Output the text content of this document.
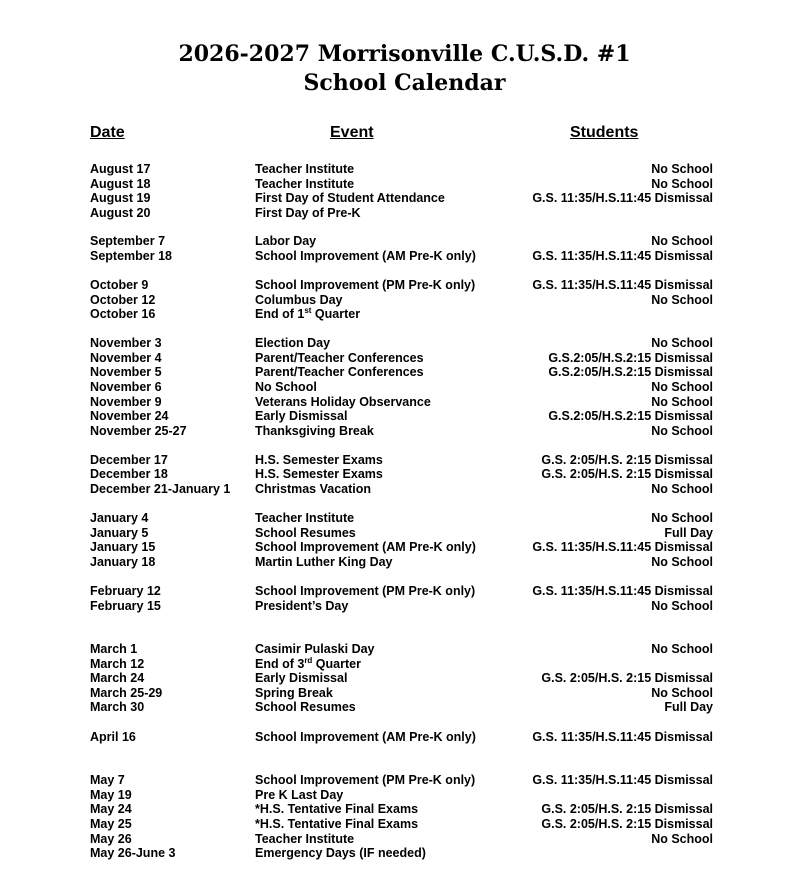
2026-2027 Morrisonville C.U.S.D. #1
School Calendar
Date	Event	Students
August 17	Teacher Institute	No School
August 18	Teacher Institute	No School
August 19	First Day of Student Attendance	G.S. 11:35/H.S.11:45 Dismissal
August 20	First Day of Pre-K
September 7	Labor Day	No School
September 18	School Improvement (AM Pre-K only)	G.S. 11:35/H.S.11:45 Dismissal
October 9	School Improvement (PM Pre-K only)	G.S. 11:35/H.S.11:45 Dismissal
October 12	Columbus Day	No School
October 16	End of 1st Quarter
November 3	Election Day	No School
November 4	Parent/Teacher Conferences	G.S.2:05/H.S.2:15 Dismissal
November 5	Parent/Teacher Conferences	G.S.2:05/H.S.2:15 Dismissal
November 6	No School	No School
November 9	Veterans Holiday Observance	No School
November 24	Early Dismissal	G.S.2:05/H.S.2:15 Dismissal
November 25-27	Thanksgiving Break	No School
December 17	H.S. Semester Exams	G.S. 2:05/H.S. 2:15 Dismissal
December 18	H.S. Semester Exams	G.S. 2:05/H.S. 2:15 Dismissal
December 21-January 1 Christmas Vacation	No School
January 4	Teacher Institute	No School
January 5	School Resumes	Full Day
January 15	School Improvement (AM Pre-K only)	G.S. 11:35/H.S.11:45 Dismissal
January 18	Martin Luther King Day	No School
February 12	School Improvement (PM Pre-K only)	G.S. 11:35/H.S.11:45 Dismissal
February 15	President’s Day	No School
March 1	Casimir Pulaski Day	No School
March 12	End of 3rd Quarter
March 24	Early Dismissal	G.S. 2:05/H.S. 2:15 Dismissal
March 25-29	Spring Break	No School
March 30	School Resumes	Full Day
April 16	School Improvement (AM Pre-K only)	G.S. 11:35/H.S.11:45 Dismissal
May 7	School Improvement (PM Pre-K only)	G.S. 11:35/H.S.11:45 Dismissal
May 19	Pre K Last Day
May 24	*H.S. Tentative Final Exams	G.S. 2:05/H.S. 2:15 Dismissal
May 25	*H.S. Tentative Final Exams	G.S. 2:05/H.S. 2:15 Dismissal
May 26	Teacher Institute	No School
May 26-June 3	Emergency Days (IF needed)
